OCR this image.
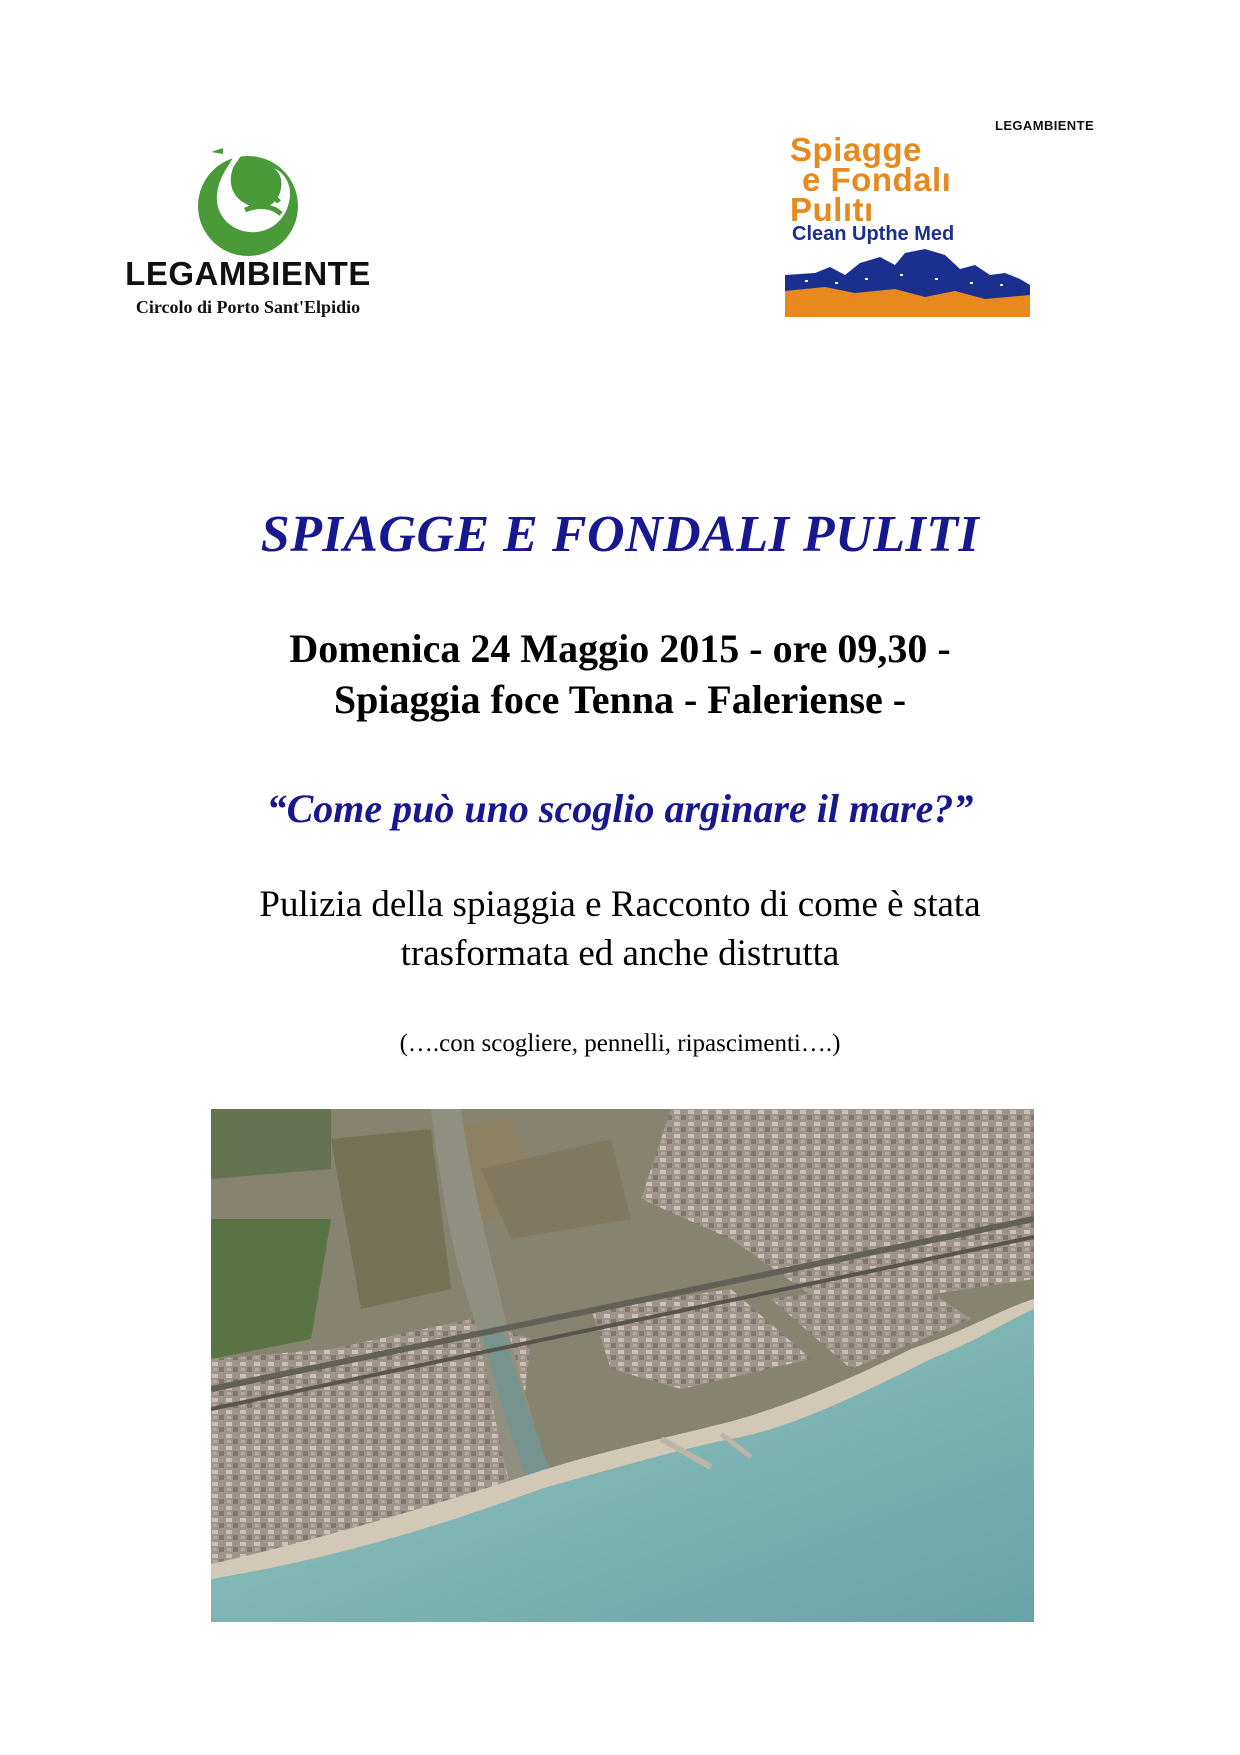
LEGAMBIENTE
Circolo di Porto Sant'Elpidio
LEGAMBIENTE
Spiagge
e Fondalı
Pulıtı
Clean Upthe Med
SPIAGGE E FONDALI PULITI
Domenica 24 Maggio 2015 - ore 09,30 -
Spiaggia foce Tenna - Faleriense -
“Come può uno scoglio arginare il mare?”
Pulizia della spiaggia e Racconto di come è stata
trasformata ed anche distrutta
(….con scogliere, pennelli, ripascimenti….)
